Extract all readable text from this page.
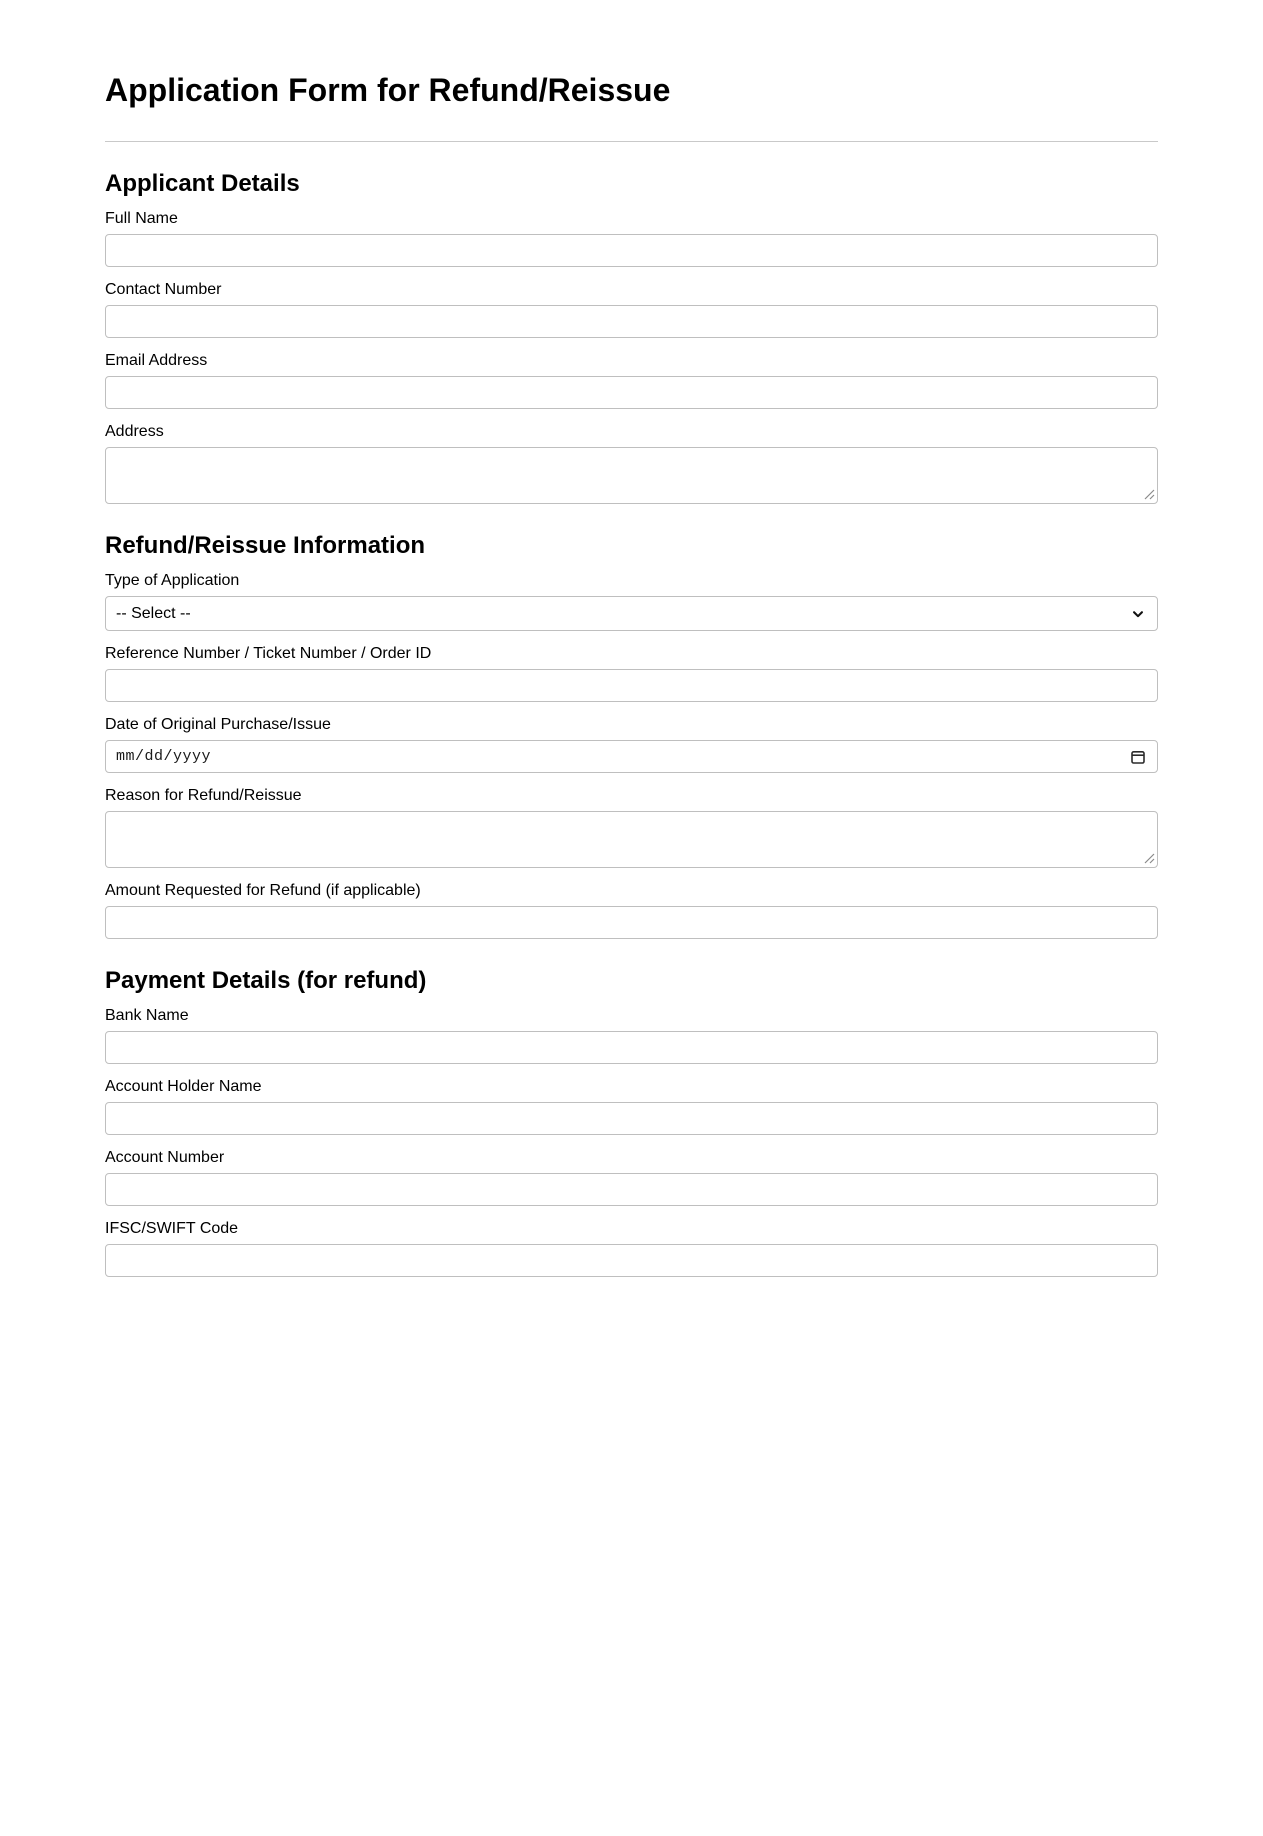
Application Form for Refund/Reissue
Applicant Details
Full Name
Contact Number
Email Address
Address
Refund/Reissue Information
Type of Application
-- Select --
Reference Number / Ticket Number / Order ID
Date of Original Purchase/Issue
mm/dd/yyyy
Reason for Refund/Reissue
Amount Requested for Refund (if applicable)
Payment Details (for refund)
Bank Name
Account Holder Name
Account Number
IFSC/SWIFT Code
